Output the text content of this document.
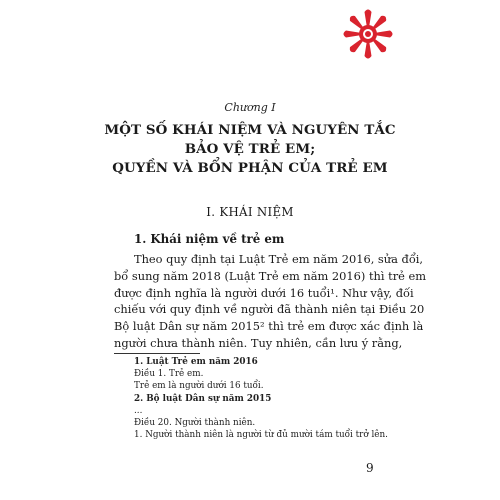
Chương I
MỘT SỐ KHÁI NIỆM VÀ NGUYÊN TẮC
BẢO VỆ TRẺ EM;
QUYỀN VÀ BỔN PHẬN CỦA TRẺ EM
I. KHÁI NIỆM
1. Khái niệm về trẻ em
Theo quy định tại Luật Trẻ em năm 2016, sửa đổi,
bổ sung năm 2018 (Luật Trẻ em năm 2016) thì trẻ em
được định nghĩa là người dưới 16 tuổi¹. Như vậy, đối
chiếu với quy định về người đã thành niên tại Điều 20
Bộ luật Dân sự năm 2015² thì trẻ em được xác định là
người chưa thành niên. Tuy nhiên, cần lưu ý rằng,
1. Luật Trẻ em năm 2016
Điều 1. Trẻ em.
Trẻ em là người dưới 16 tuổi.
2. Bộ luật Dân sự năm 2015
...
Điều 20. Người thành niên.
1. Người thành niên là người từ đủ mười tám tuổi trở lên.
9
